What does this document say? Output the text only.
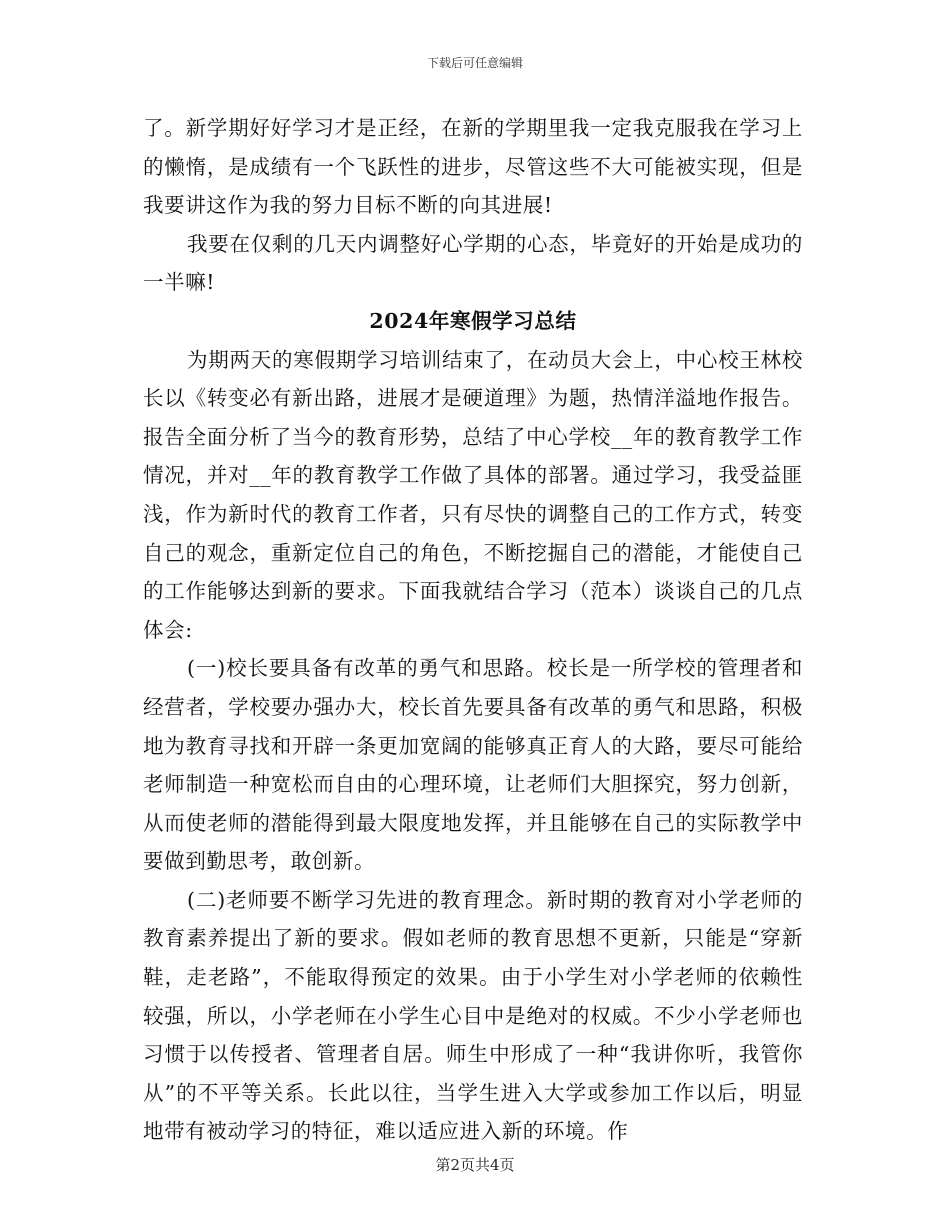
下载后可任意编辑

了。新学期好好学习才是正经，在新的学期里我一定我克服我在学习上的懒惰，是成绩有一个飞跃性的进步，尽管这些不大可能被实现，但是我要讲这作为我的努力目标不断的向其进展!

我要在仅剩的几天内调整好心学期的心态，毕竟好的开始是成功的一半嘛!

2024年寒假学习总结

为期两天的寒假期学习培训结束了，在动员大会上，中心校王林校长以《转变必有新出路，进展才是硬道理》为题，热情洋溢地作报告。报告全面分析了当今的教育形势，总结了中心学校__年的教育教学工作情况，并对__年的教育教学工作做了具体的部署。通过学习，我受益匪浅，作为新时代的教育工作者，只有尽快的调整自己的工作方式，转变自己的观念，重新定位自己的角色，不断挖掘自己的潜能，才能使自己的工作能够达到新的要求。下面我就结合学习（范本）谈谈自己的几点体会:

(一)校长要具备有改革的勇气和思路。校长是一所学校的管理者和经营者，学校要办强办大，校长首先要具备有改革的勇气和思路，积极地为教育寻找和开辟一条更加宽阔的能够真正育人的大路，要尽可能给老师制造一种宽松而自由的心理环境，让老师们大胆探究，努力创新，从而使老师的潜能得到最大限度地发挥，并且能够在自己的实际教学中要做到勤思考，敢创新。

(二)老师要不断学习先进的教育理念。新时期的教育对小学老师的教育素养提出了新的要求。假如老师的教育思想不更新，只能是“穿新鞋，走老路”，不能取得预定的效果。由于小学生对小学老师的依赖性较强，所以，小学老师在小学生心目中是绝对的权威。不少小学老师也习惯于以传授者、管理者自居。师生中形成了一种“我讲你听，我管你从”的不平等关系。长此以往，当学生进入大学或参加工作以后，明显地带有被动学习的特征，难以适应进入新的环境。作

第2页共4页
